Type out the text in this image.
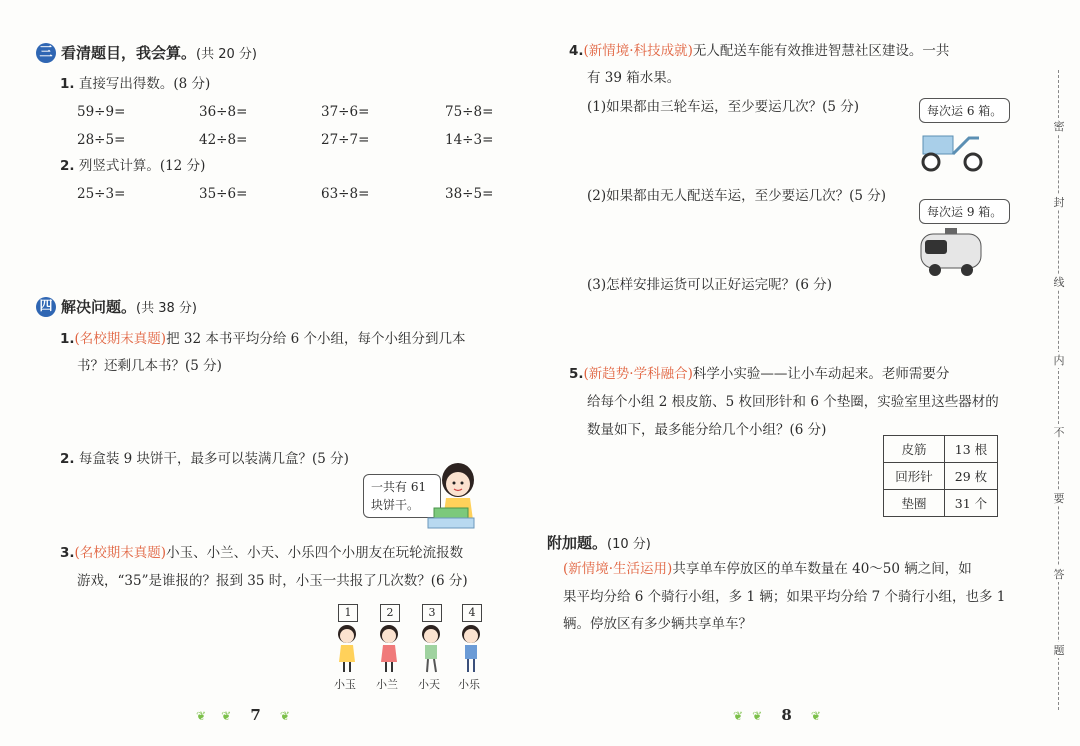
三 看清题目，我会算。(共 20 分)
1. 直接写出得数。(8 分)
59÷9=	36÷8=	37÷6=	75÷8=
28÷5=	42÷8=	27÷7=	14÷3=
2. 列竖式计算。(12 分)
25÷3=	35÷6=	63÷8=	38÷5=
四 解决问题。(共 38 分)
1.(名校期末真题)把 32 本书平均分给 6 个小组，每个小组分到几本
书？还剩几本书？(5 分)
2. 每盒装 9 块饼干，最多可以装满几盒？(5 分)
一共有 61
块饼干。
3.(名校期末真题)小玉、小兰、小天、小乐四个小朋友在玩轮流报数
游戏，“35”是谁报的？报到 35 时，小玉一共报了几次数？(6 分)
1	2	3	4
小玉 小兰 小天 小乐
❦ ❦ 7 ❦
4.(新情境·科技成就)无人配送车能有效推进智慧社区建设。一共
有 39 箱水果。
(1)如果都由三轮车运，至少要运几次？(5 分)	每次运 6 箱。
(2)如果都由无人配送车运，至少要运几次？(5 分)
每次运 9 箱。
(3)怎样安排运货可以正好运完呢？(6 分)
5.(新趋势·学科融合)科学小实验——让小车动起来。老师需要分
给每个小组 2 根皮筋、5 枚回形针和 6 个垫圈，实验室里这些器材的
数量如下，最多能分给几个小组？(6 分)
皮筋	13 根
回形针	29 枚
垫圈	31 个
附加题。(10 分)
(新情境·生活运用)共享单车停放区的单车数量在 40～50 辆之间，如
果平均分给 6 个骑行小组，多 1 辆；如果平均分给 7 个骑行小组，也多 1
辆。停放区有多少辆共享单车？
❦ ❦ 8 ❦
密
封
线
内
不
要
答
题
